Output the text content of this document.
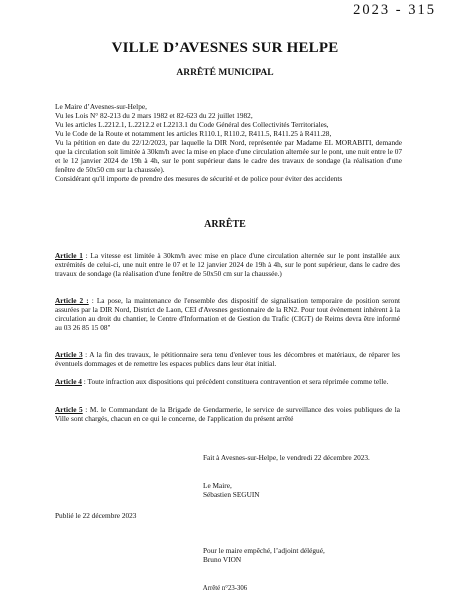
2023 - 315
VILLE D’AVESNES SUR HELPE
ARRÊTÉ MUNICIPAL

Le Maire d’Avesnes-sur-Helpe,

Vu les Lois N° 82-213 du 2 mars 1982 et 82-623 du 22 juillet 1982,

Vu les articles L.2212.1, L.2212.2 et L2213.1 du Code Général des Collectivités Territoriales,

Vu le Code de la Route et notamment les articles R110.1, R110.2, R411.5, R411.25 à R411.28,

Vu la pétition en date du 22/12/2023, par laquelle la DIR Nord, représentée par Madame EL MORABITI, demande que la circulation soit limitée à 30km/h avec la mise en place d'une circulation alternée sur le pont, une nuit entre le 07 et le 12 janvier 2024 de 19h à 4h, sur le pont supérieur dans le cadre des travaux de sondage (la réalisation d'une fenêtre de 50x50 cm sur la chaussée).

Considérant qu'il importe de prendre des mesures de sécurité et de police pour éviter des accidents

ARRÊTE

Article 1 : La vitesse est limitée à 30km/h avec mise en place d'une circulation alternée sur le pont installée aux extrémités de celui-ci, une nuit entre le 07 et le 12 janvier 2024 de 19h à 4h, sur le pont supérieur, dans le cadre des travaux de sondage (la réalisation d'une fenêtre de 50x50 cm sur la chaussée.)

Article 2 : : La pose, la maintenance de l'ensemble des dispositif de signalisation temporaire de position seront assurées par la DIR Nord, District de Laon, CEI d'Avesnes gestionnaire de la RN2. Pour tout évènement inhérent à la circulation au droit du chantier, le Centre d'Information et de Gestion du Trafic (CIGT) de Reims devra être informé au 03 26 85 15 08"

Article 3 : A la fin des travaux, le pétitionnaire sera tenu d'enlever tous les décombres et matériaux, de réparer les éventuels dommages et de remettre les espaces publics dans leur état initial.

Article 4 : Toute infraction aux dispositions qui précèdent constituera contravention et sera réprimée comme telle.

Article 5 : M. le Commandant de la Brigade de Gendarmerie, le service de surveillance des voies publiques de la Ville sont chargés, chacun en ce qui le concerne, de l'application du présent arrêté

Fait à Avesnes-sur-Helpe, le vendredi 22 décembre 2023.

Le Maire,

Sébastien SEGUIN

Publié le 22 décembre 2023

Pour le maire empêché, l’adjoint délégué,

Bruno VION

Arrêté n°23-306
